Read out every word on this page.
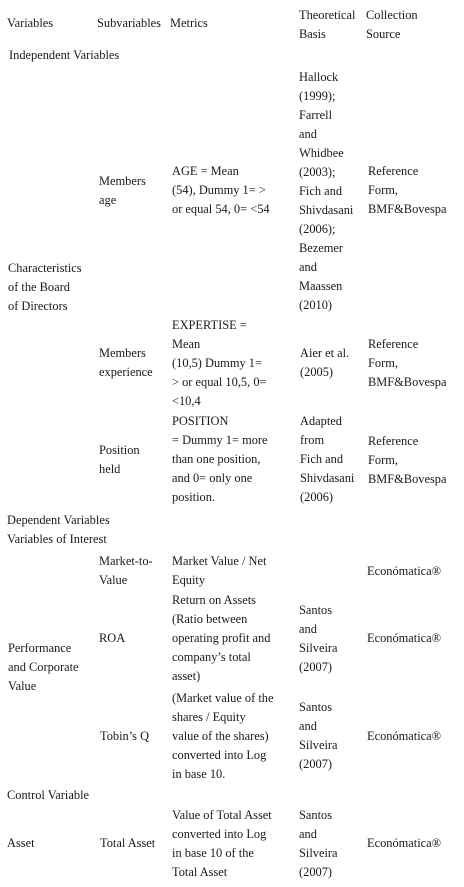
Variables	Subvariables Metrics

Theoretical
Basis

Collection
Source

Independent Variables

Characteristics
of the Board
of Directors

Members
age

AGE = Mean
(54), Dummy 1= >
or equal 54, 0= <54

Hallock
(1999);
Farrell
and
Whidbee
(2003);
Fich and
Shivdasani
(2006);
Bezemer
and
Maassen
(2010)

Reference
Form,
BMF&Bovespa

Members
experience

EXPERTISE =
Mean
(10,5) Dummy 1=
> or equal 10,5, 0=
<10,4

Aier et al.
(2005)

Reference
Form,
BMF&Bovespa

Position
held

POSITION
= Dummy 1= more
than one position,
and 0= only one
position.

Adapted
from
Fich and
Shivdasani
(2006)

Reference
Form,
BMF&Bovespa

Dependent Variables

Variables of Interest

Performance
and Corporate
Value

Market-to-
Value

Market Value / Net
Equity

Económatica®

ROA

Return on Assets
(Ratio between
operating profit and
company’s total
asset)

Santos
and
Silveira
(2007)

Económatica®

Tobin’s Q

(Market value of the
shares / Equity
value of the shares)
converted into Log
in base 10.

Santos
and
Silveira
(2007)

Económatica®

Control Variable

Asset	Total Asset

Value of Total Asset
converted into Log
in base 10 of the
Total Asset

Santos
and
Silveira
(2007)

Económatica®
